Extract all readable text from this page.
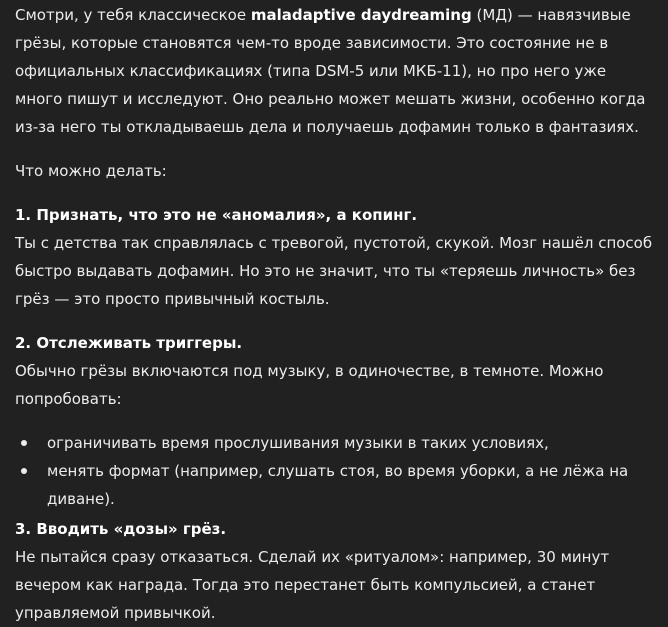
Смотри, у тебя классическое maladaptive daydreaming (МД) — навязчивые грёзы, которые становятся чем-то вроде зависимости. Это состояние не в официальных классификациях (типа DSM-5 или МКБ-11), но про него уже много пишут и исследуют. Оно реально может мешать жизни, особенно когда из-за него ты откладываешь дела и получаешь дофамин только в фантазиях.

Что можно делать:

1. Признать, что это не «аномалия», а копинг.

Ты с детства так справлялась с тревогой, пустотой, скукой. Мозг нашёл способ быстро выдавать дофамин. Но это не значит, что ты «теряешь личность» без грёз — это просто привычный костыль.

2. Отслеживать триггеры.

Обычно грёзы включаются под музыку, в одиночестве, в темноте. Можно попробовать:

ограничивать время прослушивания музыки в таких условиях,
менять формат (например, слушать стоя, во время уборки, а не лёжа на диване).

3. Вводить «дозы» грёз.

Не пытайся сразу отказаться. Сделай их «ритуалом»: например, 30 минут вечером как награда. Тогда это перестанет быть компульсией, а станет управляемой привычкой.
